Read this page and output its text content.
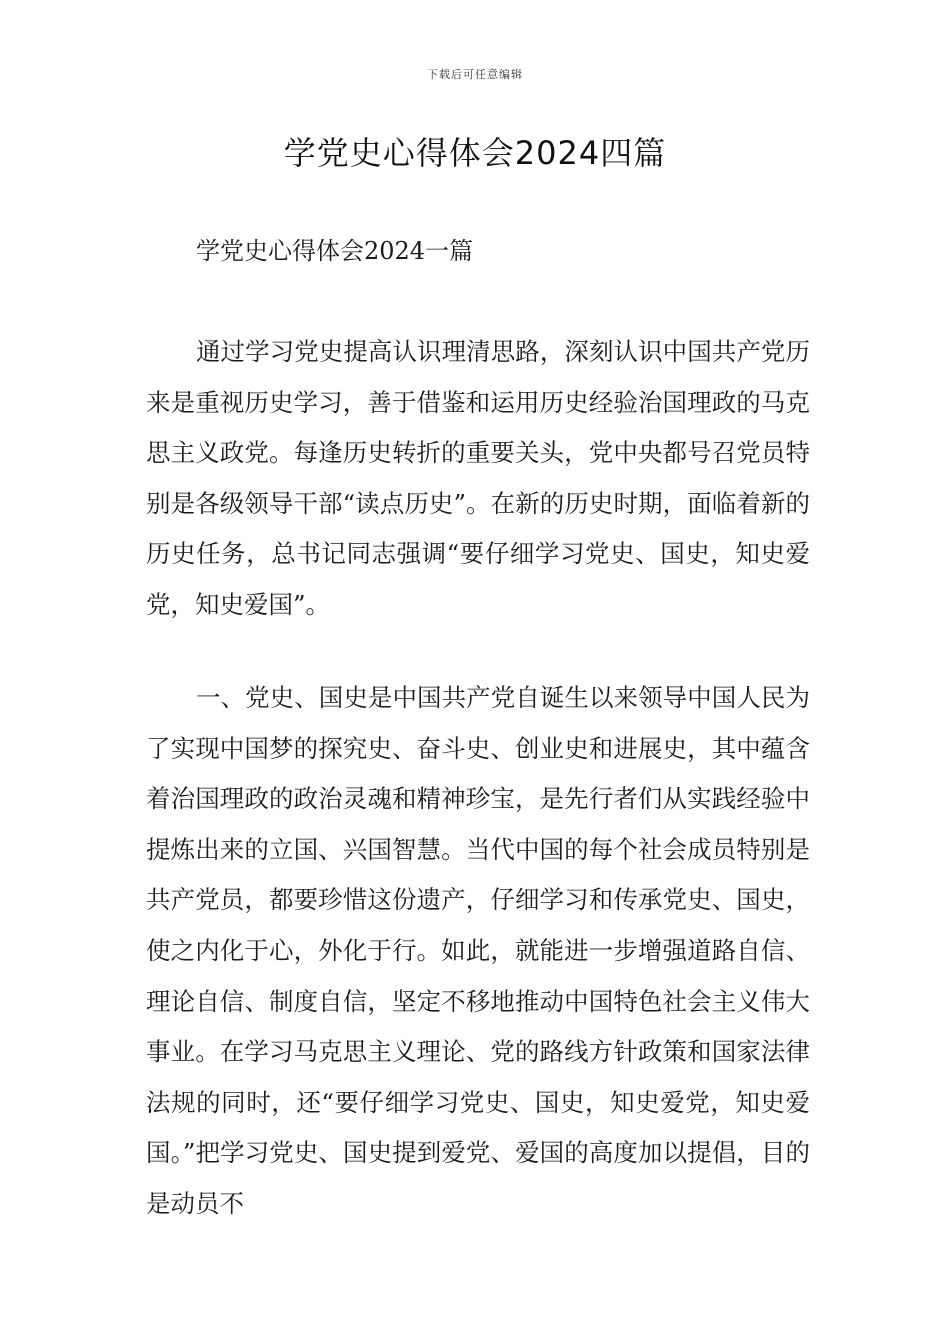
下载后可任意编辑
学党史心得体会2024四篇
学党史心得体会2024一篇

通过学习党史提高认识理清思路，深刻认识中国共产党历来是重视历史学习，善于借鉴和运用历史经验治国理政的马克思主义政党。每逢历史转折的重要关头，党中央都号召党员特别是各级领导干部“读点历史”。在新的历史时期，面临着新的历史任务，总书记同志强调“要仔细学习党史、国史，知史爱党，知史爱国”。

一、党史、国史是中国共产党自诞生以来领导中国人民为了实现中国梦的探究史、奋斗史、创业史和进展史，其中蕴含着治国理政的政治灵魂和精神珍宝，是先行者们从实践经验中提炼出来的立国、兴国智慧。当代中国的每个社会成员特别是共产党员，都要珍惜这份遗产，仔细学习和传承党史、国史，使之内化于心，外化于行。如此，就能进一步增强道路自信、理论自信、制度自信，坚定不移地推动中国特色社会主义伟大事业。在学习马克思主义理论、党的路线方针政策和国家法律法规的同时，还“要仔细学习党史、国史，知史爱党，知史爱国。”把学习党史、国史提到爱党、爱国的高度加以提倡，目的是动员不
